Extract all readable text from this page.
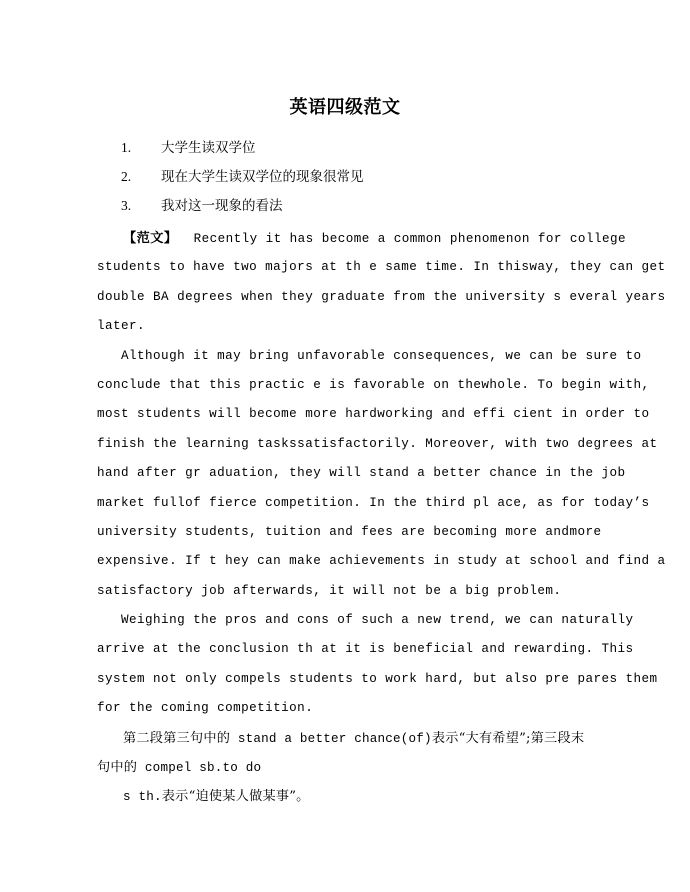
英语四级范文
1.	大学生读双学位
2.	现在大学生读双学位的现象很常见
3.	我对这一现象的看法
【范文】  Recently it has become a common phenomenon for college
students to have two majors at th e same time. In thisway, they can get
double BA degrees when they graduate from the university s everal years
later.
Although it may bring unfavorable consequences, we can be sure to
conclude that this practic e is favorable on thewhole. To begin with,
most students will become more hardworking and effi cient in order to
finish the learning taskssatisfactorily. Moreover, with two degrees at
hand after gr aduation, they will stand a better chance in the job
market fullof fierce competition. In the third pl ace, as for today’s
university students, tuition and fees are becoming more andmore
expensive. If t hey can make achievements in study at school and find a
satisfactory job afterwards, it will not be a big problem.
Weighing the pros and cons of such a new trend, we can naturally
arrive at the conclusion th at it is beneficial and rewarding. This
system not only compels students to work hard, but also pre pares them
for the coming competition.
第二段第三句中的 stand a better chance(of)表示“大有希望”;第三段末
句中的 compel sb.to do
s th.表示“迫使某人做某事”。
